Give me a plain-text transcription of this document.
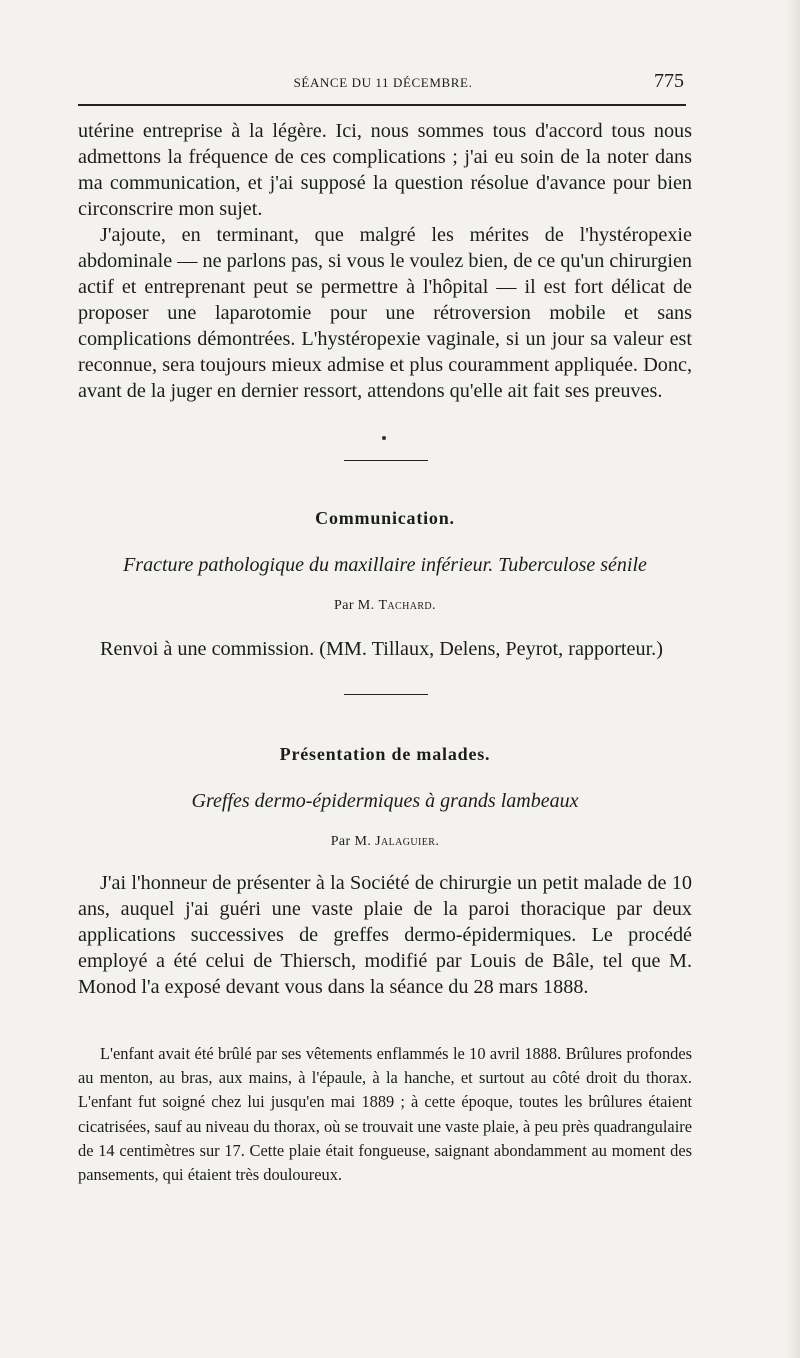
SÉANCE DU 11 DÉCEMBRE.	775

utérine entreprise à la légère. Ici, nous sommes tous d'accord tous nous admettons la fréquence de ces complications ; j'ai eu soin de la noter dans ma communication, et j'ai supposé la question résolue d'avance pour bien circonscrire mon sujet.

J'ajoute, en terminant, que malgré les mérites de l'hystéropexie abdominale — ne parlons pas, si vous le voulez bien, de ce qu'un chirurgien actif et entreprenant peut se permettre à l'hôpital — il est fort délicat de proposer une laparotomie pour une rétroversion mobile et sans complications démontrées. L'hystéropexie vaginale, si un jour sa valeur est reconnue, sera toujours mieux admise et plus couramment appliquée. Donc, avant de la juger en dernier ressort, attendons qu'elle ait fait ses preuves.

Communication.

Fracture pathologique du maxillaire inférieur. Tuberculose sénile

Par M. Tachard.

Renvoi à une commission. (MM. Tillaux, Delens, Peyrot, rapporteur.)

Présentation de malades.

Greffes dermo-épidermiques à grands lambeaux

Par M. Jalaguier.

J'ai l'honneur de présenter à la Société de chirurgie un petit malade de 10 ans, auquel j'ai guéri une vaste plaie de la paroi thoracique par deux applications successives de greffes dermo-épidermiques. Le procédé employé a été celui de Thiersch, modifié par Louis de Bâle, tel que M. Monod l'a exposé devant vous dans la séance du 28 mars 1888.

L'enfant avait été brûlé par ses vêtements enflammés le 10 avril 1888. Brûlures profondes au menton, au bras, aux mains, à l'épaule, à la hanche, et surtout au côté droit du thorax. L'enfant fut soigné chez lui jusqu'en mai 1889 ; à cette époque, toutes les brûlures étaient cicatrisées, sauf au niveau du thorax, où se trouvait une vaste plaie, à peu près quadrangulaire de 14 centimètres sur 17. Cette plaie était fongueuse, saignant abondamment au moment des pansements, qui étaient très douloureux.
